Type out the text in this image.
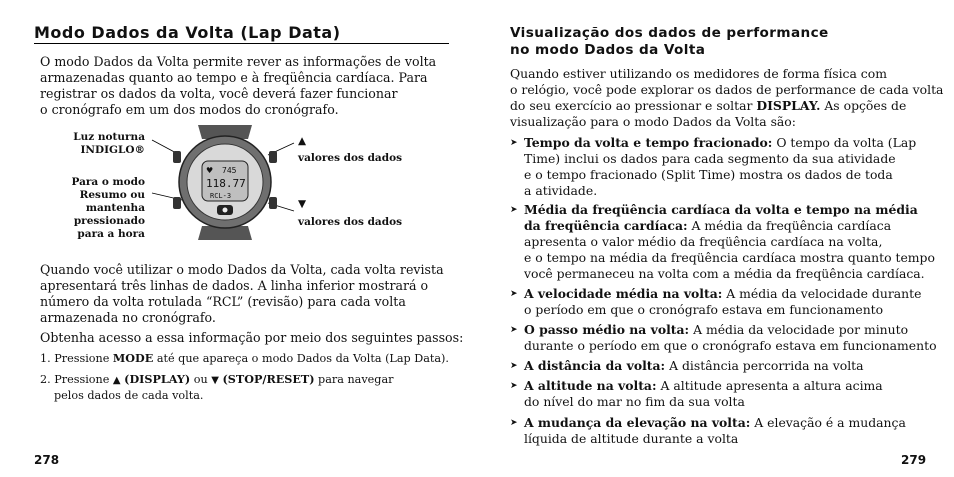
Modo Dados da Volta (Lap Data)

O modo Dados da Volta permite rever as informações de volta
armazenadas quanto ao tempo e à freqüência cardíaca. Para
registrar os dados da volta, você deverá fazer funcionar
o cronógrafo em um dos modos do cronógrafo.

Luz noturna
INDIGLO®
Para o modo
Resumo ou
mantenha
pressionado
para a hora
♥ 745
118.77
RCL-3
▲
valores dos dados
▼
valores dos dados

Quando você utilizar o modo Dados da Volta, cada volta revista
apresentará três linhas de dados. A linha inferior mostrará o
número da volta rotulada “RCL” (revisão) para cada volta
armazenada no cronógrafo.

Obtenha acesso a essa informação por meio dos seguintes passos:

1. Pressione MODE até que apareça o modo Dados da Volta (Lap Data).

2. Pressione ▲ (DISPLAY) ou ▼ (STOP/RESET) para navegar
pelos dados de cada volta.

278
Visualização dos dados de performance
no modo Dados da Volta

Quando estiver utilizando os medidores de forma física com
o relógio, você pode explorar os dados de performance de cada volta
do seu exercício ao pressionar e soltar DISPLAY. As opções de
visualização para o modo Dados da Volta são:

➤ Tempo da volta e tempo fracionado: O tempo da volta (Lap
Time) inclui os dados para cada segmento da sua atividade
e o tempo fracionado (Split Time) mostra os dados de toda
a atividade.
➤ Média da freqüência cardíaca da volta e tempo na média
da freqüência cardíaca: A média da freqüência cardíaca
apresenta o valor médio da freqüência cardíaca na volta,
e o tempo na média da freqüência cardíaca mostra quanto tempo
você permaneceu na volta com a média da freqüência cardíaca.
➤ A velocidade média na volta: A média da velocidade durante
o período em que o cronógrafo estava em funcionamento
➤ O passo médio na volta: A média da velocidade por minuto
durante o período em que o cronógrafo estava em funcionamento
➤ A distância da volta: A distância percorrida na volta
➤ A altitude na volta: A altitude apresenta a altura acima
do nível do mar no fim da sua volta
➤ A mudança da elevação na volta: A elevação é a mudança
líquida de altitude durante a volta
279
